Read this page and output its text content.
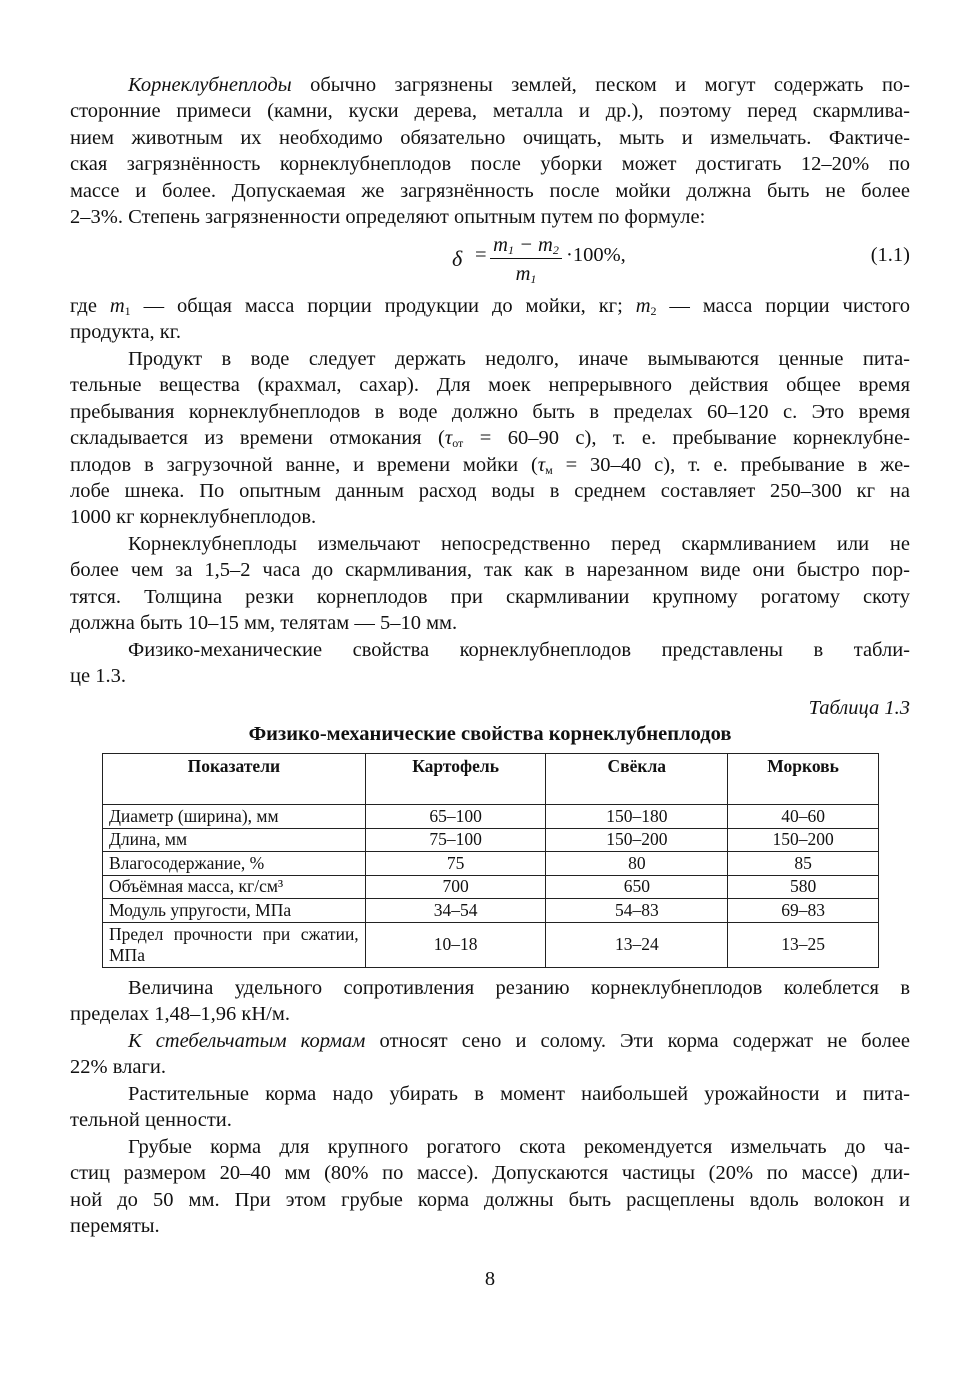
Корнеклубнеплоды обычно загрязнены землей, песком и могут содержать по-
сторонние примеси (камни, куски дерева, металла и др.), поэтому перед скармлива-
нием животным их необходимо обязательно очищать, мыть и измельчать. Фактиче-
ская загрязнённость корнеклубнеплодов после уборки может достигать 12–20% по
массе и более. Допускаемая же загрязнённость после мойки должна быть не более
2–3%. Степень загрязненности определяют опытным путем по формуле:
$\delta = m_1 - m_2$
$m_1$
·100%,	(1.1)
где $m_1$ — общая масса порции продукции до мойки, кг; $m_2$ — масса порции чистого
продукта, кг.
Продукт в воде следует держать недолго, иначе вымываются ценные пита-
тельные вещества (крахмал, сахар). Для моек непрерывного действия общее время
пребывания корнеклубнеплодов в воде должно быть в пределах 60–120 с. Это время
складывается из времени отмокания ($\tau_{от} = 60-90$ с), т. е. пребывание корнеклубне-
плодов в загрузочной ванне, и времени мойки ($\tau_м = 30-40$ с), т. е. пребывание в же-
лобе шнека. По опытным данным расход воды в среднем составляет 250–300 кг на
1000 кг корнеклубнеплодов.
Корнеклубнеплоды измельчают непосредственно перед скармливанием или не
более чем за 1,5–2 часа до скармливания, так как в нарезанном виде они быстро пор-
тятся. Толщина резки корнеплодов при скармливании крупному рогатому скоту
должна быть 10–15 мм, телятам — 5–10 мм.
Физико-механические свойства корнеклубнеплодов представлены в табли-
це 1.3.
Таблица 1.3
Физико-механические свойства корнеклубнеплодов
Показатели	Картофель	Свёкла	Морковь
Диаметр (ширина), мм	65–100	150–180	40–60
Длина, мм	75–100	150–200	150–200
Влагосодержание, %	75	80	85
Объёмная масса, кг/см³	700	650	580
Модуль упругости, МПа	34–54	54–83	69–83
Предел прочности при сжатии, МПа	10–18	13–24	13–25
Величина удельного сопротивления резанию корнеклубнеплодов колеблется в
пределах 1,48–1,96 кН/м.
К стебельчатым кормам относят сено и солому. Эти корма содержат не более
22% влаги.
Растительные корма надо убирать в момент наибольшей урожайности и пита-
тельной ценности.
Грубые корма для крупного рогатого скота рекомендуется измельчать до ча-
стиц размером 20–40 мм (80% по массе). Допускаются частицы (20% по массе) дли-
ной до 50 мм. При этом грубые корма должны быть расщеплены вдоль волокон и
перемяты.
8
